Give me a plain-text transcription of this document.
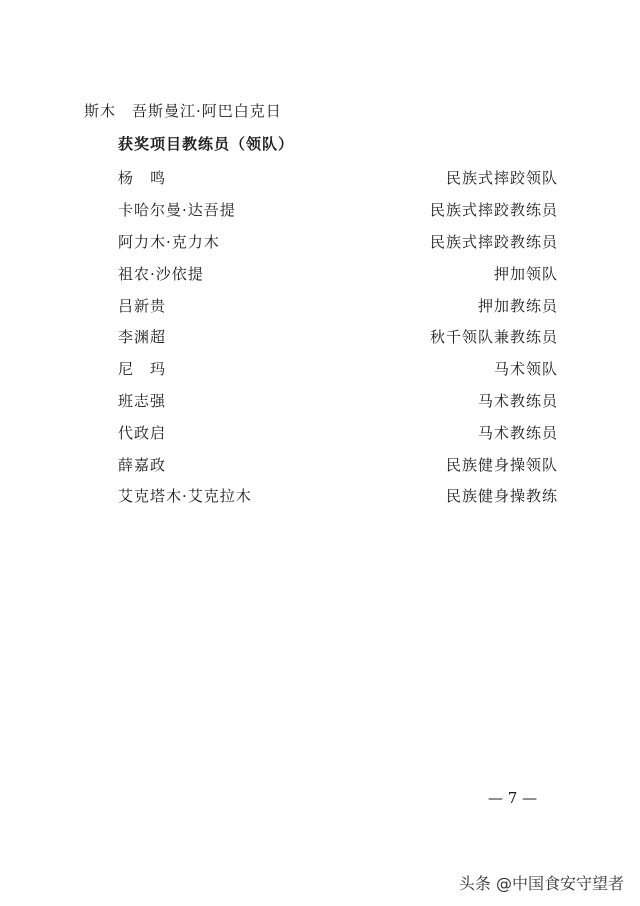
斯木　吾斯曼江·阿巴白克日
获奖项目教练员（领队）
杨　鸣	民族式摔跤领队
卡哈尔曼·达吾提	民族式摔跤教练员
阿力木·克力木	民族式摔跤教练员
祖农·沙依提	押加领队
吕新贵	押加教练员
李渊超	秋千领队兼教练员
尼　玛	马术领队
班志强	马术教练员
代政启	马术教练员
薛嘉政	民族健身操领队
艾克塔木·艾克拉木	民族健身操教练
— 7 —
头条 @中国食安守望者
